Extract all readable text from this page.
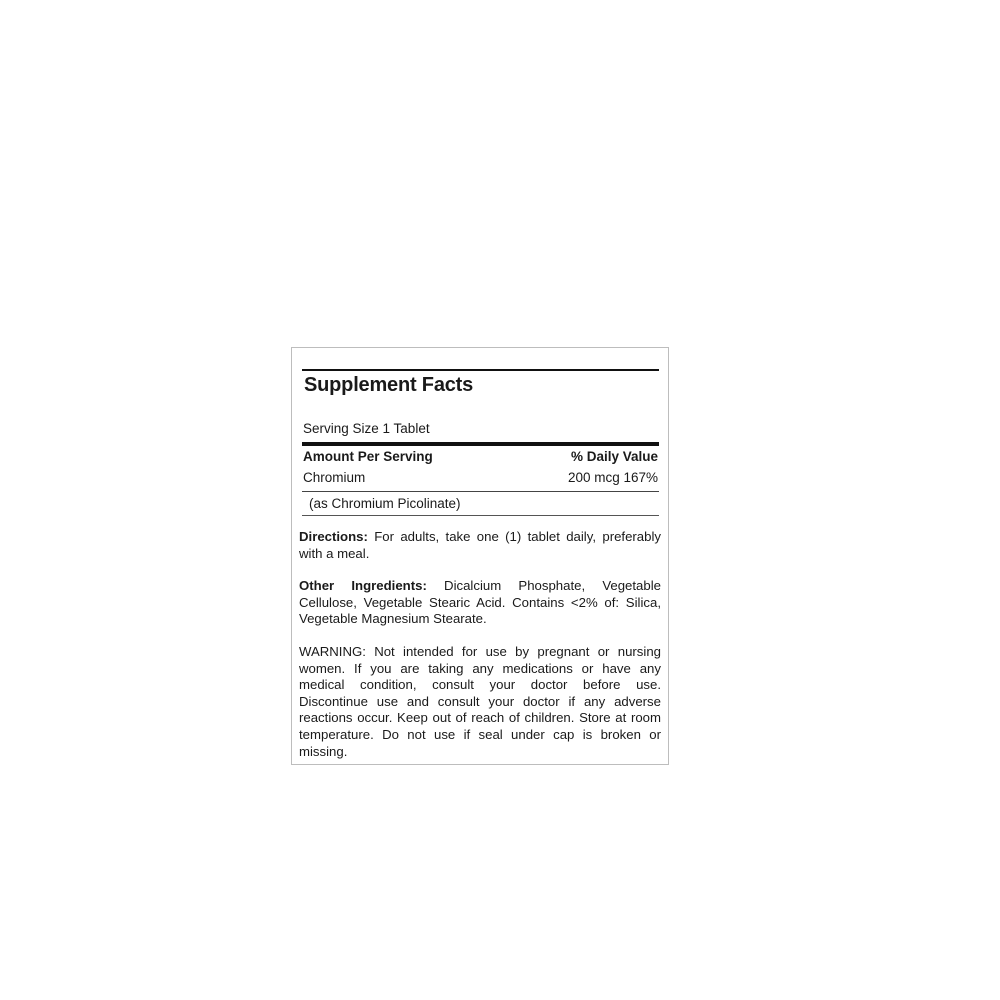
Supplement Facts
Serving Size 1 Tablet
Amount Per Serving	% Daily Value
Chromium	200 mcg 167%
(as Chromium Picolinate)
Directions: For adults, take one (1) tablet daily, preferably with a meal.
Other Ingredients: Dicalcium Phosphate, Vegetable Cellulose, Vegetable Stearic Acid. Contains <2% of: Silica, Vegetable Magnesium Stearate.
WARNING: Not intended for use by pregnant or nursing women. If you are taking any medications or have any medical condition, consult your doctor before use. Discontinue use and consult your doctor if any adverse reactions occur. Keep out of reach of children. Store at room temperature. Do not use if seal under cap is broken or missing.
